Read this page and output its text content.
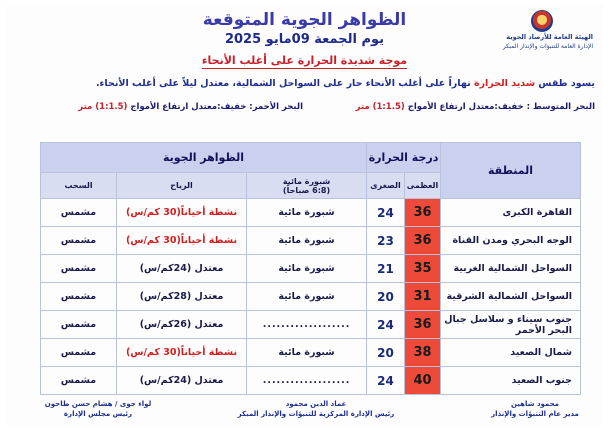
الهيئة العامة للأرصاد الجوية
الإدارة العامة للتنبؤات والإنذار المبكر
الظواهر الجوية المتوقعة
يوم الجمعة 09مايو 2025
موجة شديدة الحرارة على أغلب الأنحاء
يسود طقس شديد الحرارة نهاراً على أغلب الأنحاء حار على السواحل الشمالية، معتدل ليلاً على أغلب الأنحاء.
البحر المتوسط : خفيف:معتدل ارتفاع الأمواج (1:1.5) متر
البحر الأحمر: خفيف:معتدل ارتفاع الأمواج (1:1.5) متر
المنطقة	درجة الحرارة		الظواهر الجوية		
	العظمى	الصغرى	شبورة مائية
(6:8 صباحاً)	الرياح	السحب
القاهرة الكبرى	36	24	شبورة مائية	نشطة أحياناً(30 كم/س)	مشمس
الوجه البحري ومدن القناة	36	23	شبورة مائية	نشطة أحياناً(30 كم/س)	مشمس
السواحل الشمالية الغربية	35	21	شبورة مائية	معتدل (24كم/س)	مشمس
السواحل الشمالية الشرقية	31	20	شبورة مائية	معتدل (28كم/س)	مشمس
جنوب سيناء و سلاسل جبال البحر الأحمر	36	24	...................	معتدل (26كم/س)	مشمس
شمال الصعيد	38	20	شبورة مائية	نشطة أحياناً(30 كم/س)	مشمس
جنوب الصعيد	40	24	...................	معتدل (24كم/س)	مشمس
محمود شاهين
مدير عام التنبؤات والإنذار
عماد الدين محمود
رئيس الإدارة المركزية للتنبؤات والإنذار المبكر
لواء جوى / هشام حسن طاحون
رئيس مجلس الإدارة
